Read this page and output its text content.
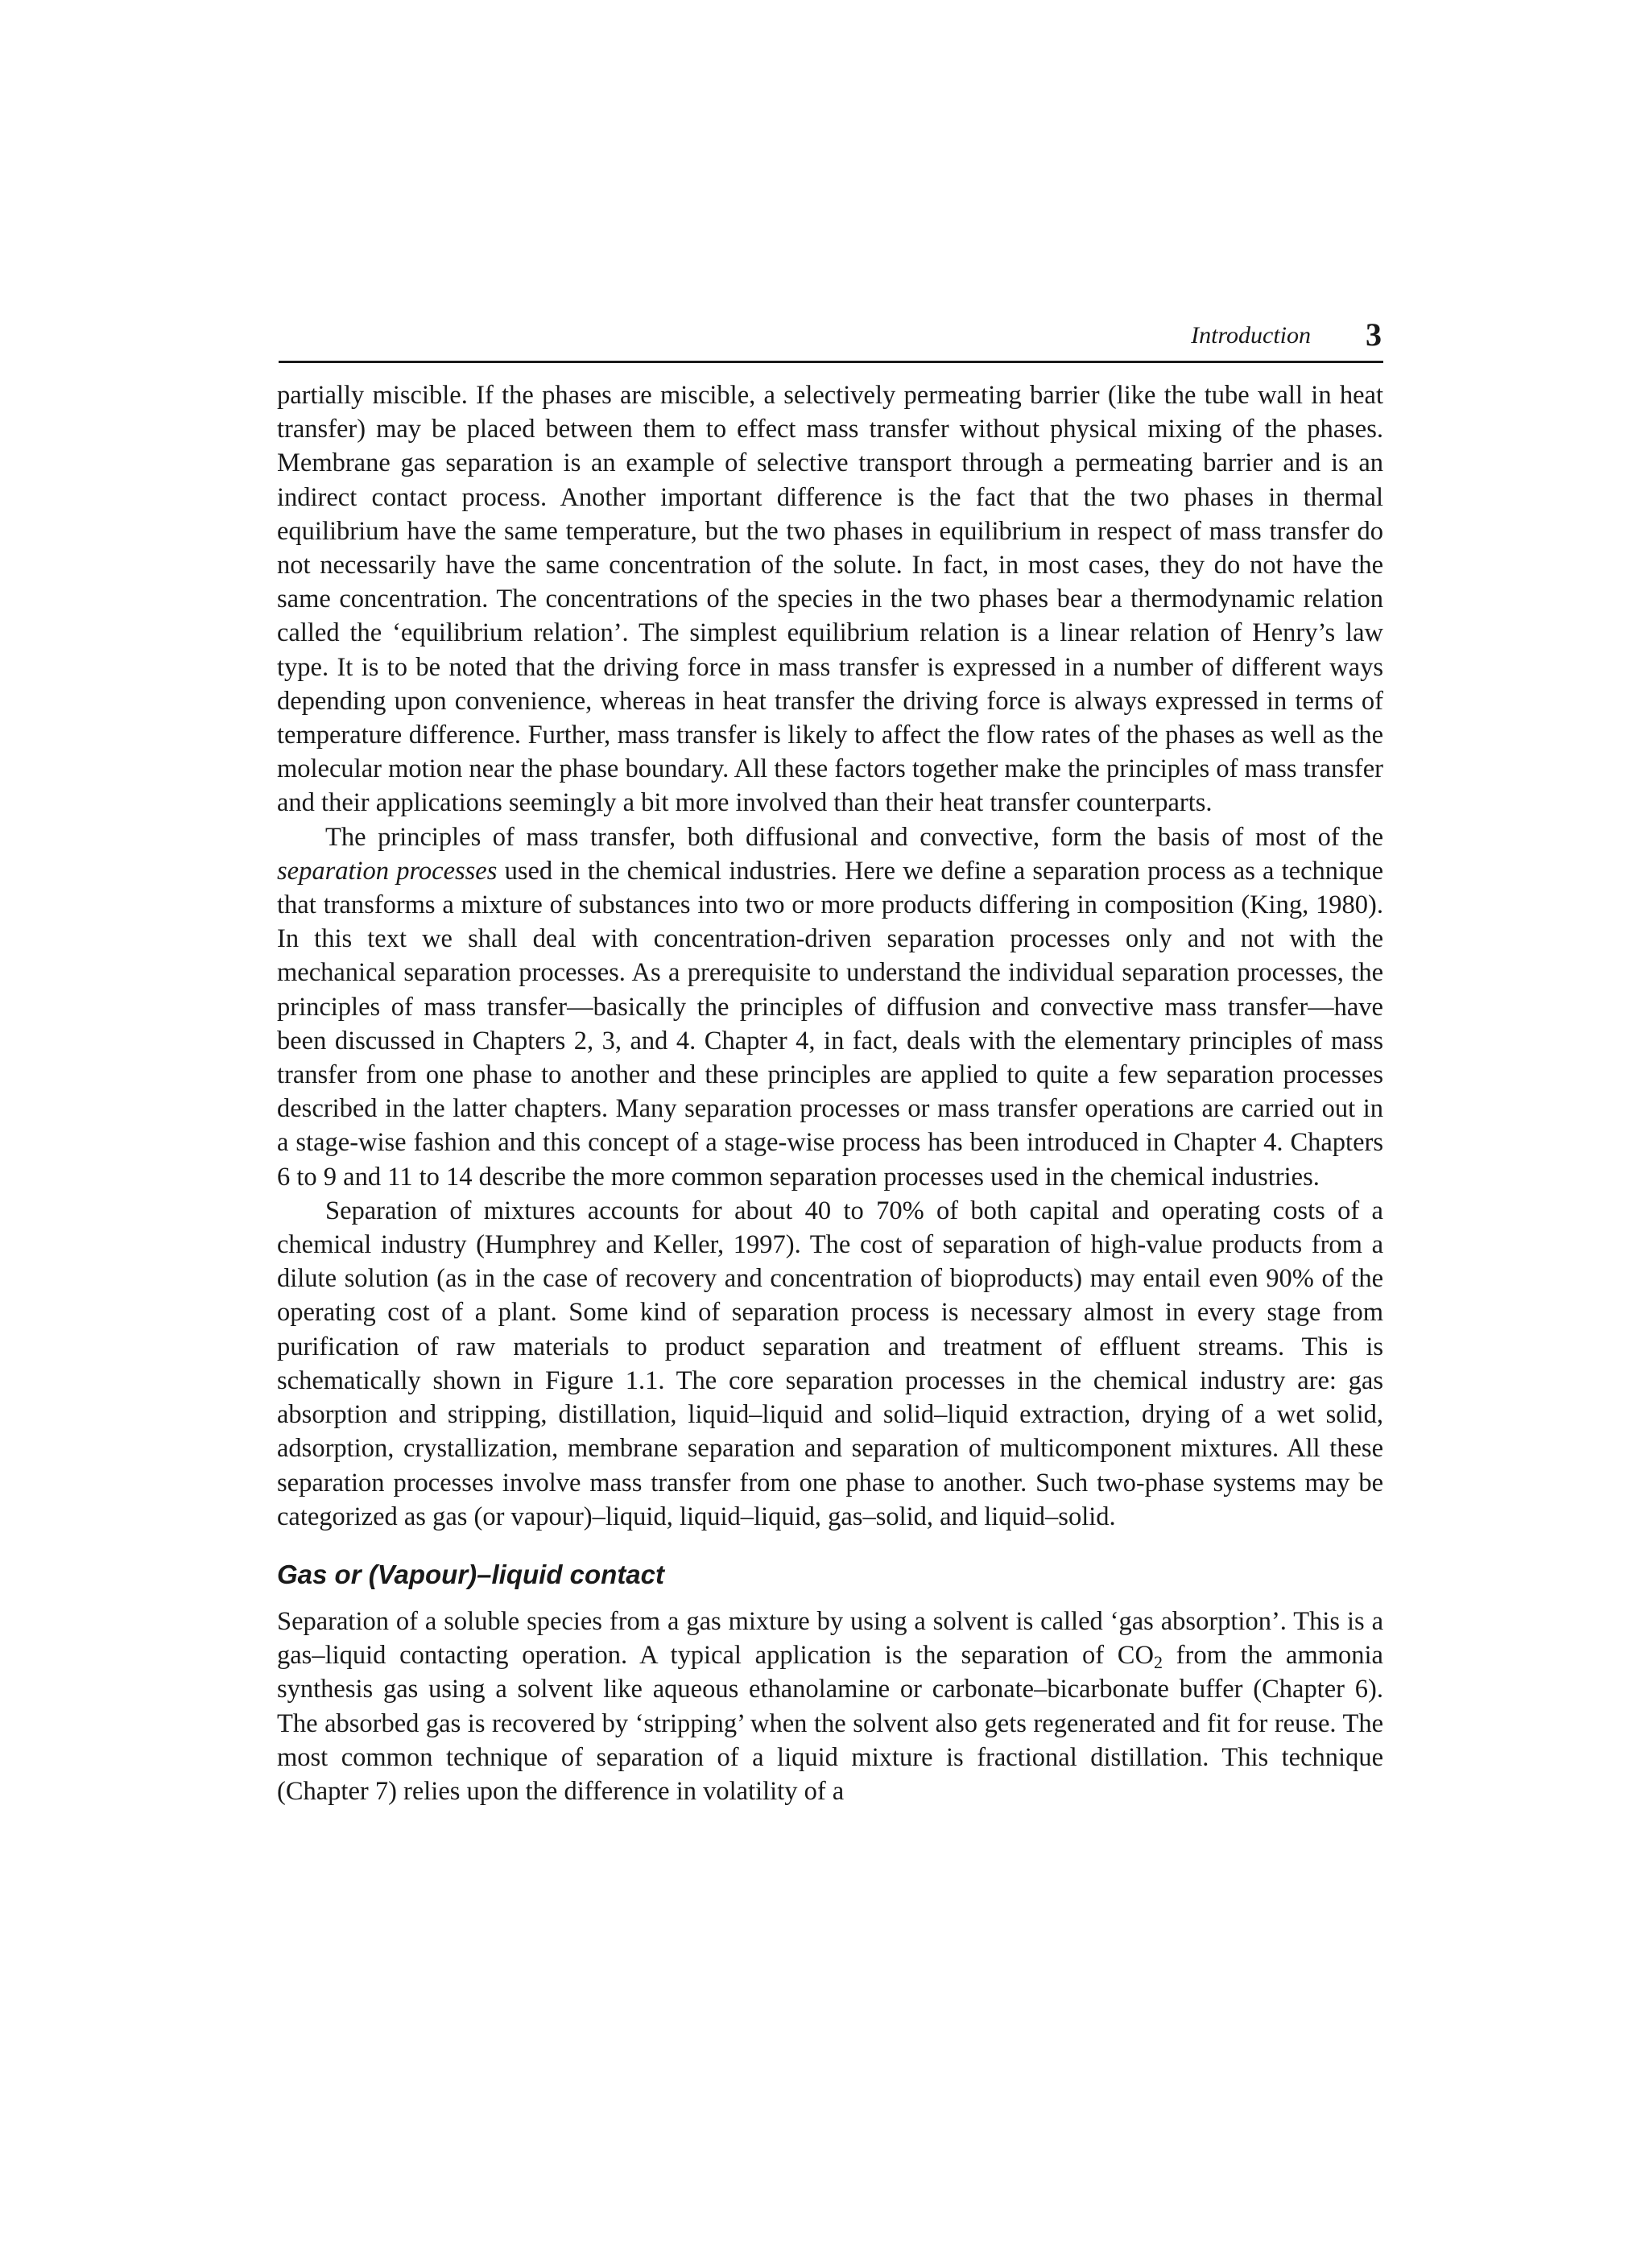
Introduction 3

partially miscible. If the phases are miscible, a selectively permeating barrier (like the tube wall in heat transfer) may be placed between them to effect mass transfer without physical mixing of the phases. Membrane gas separation is an example of selective transport through a permeating barrier and is an indirect contact process. Another important difference is the fact that the two phases in thermal equilibrium have the same temperature, but the two phases in equilibrium in respect of mass transfer do not necessarily have the same concentration of the solute. In fact, in most cases, they do not have the same concentration. The concentrations of the species in the two phases bear a thermodynamic relation called the ‘equilibrium relation’. The simplest equilibrium relation is a linear relation of Henry’s law type. It is to be noted that the driving force in mass transfer is expressed in a number of different ways depending upon convenience, whereas in heat transfer the driving force is always expressed in terms of temperature difference. Further, mass transfer is likely to affect the flow rates of the phases as well as the molecular motion near the phase boundary. All these factors together make the principles of mass transfer and their applications seemingly a bit more involved than their heat transfer counterparts.

The principles of mass transfer, both diffusional and convective, form the basis of most of the separation processes used in the chemical industries. Here we define a separation process as a technique that transforms a mixture of substances into two or more products differing in composition (King, 1980). In this text we shall deal with concentration-driven separation processes only and not with the mechanical separation processes. As a prerequisite to understand the individual separation processes, the principles of mass transfer—basically the principles of diffusion and convective mass transfer—have been discussed in Chapters 2, 3, and 4. Chapter 4, in fact, deals with the elementary principles of mass transfer from one phase to another and these principles are applied to quite a few separation processes described in the latter chapters. Many separation processes or mass transfer operations are carried out in a stage-wise fashion and this concept of a stage-wise process has been introduced in Chapter 4. Chapters 6 to 9 and 11 to 14 describe the more common separation processes used in the chemical industries.

Separation of mixtures accounts for about 40 to 70% of both capital and operating costs of a chemical industry (Humphrey and Keller, 1997). The cost of separation of high-value products from a dilute solution (as in the case of recovery and concentration of bioproducts) may entail even 90% of the operating cost of a plant. Some kind of separation process is necessary almost in every stage from purification of raw materials to product separation and treatment of effluent streams. This is schematically shown in Figure 1.1. The core separation processes in the chemical industry are: gas absorption and stripping, distillation, liquid–liquid and solid–liquid extraction, drying of a wet solid, adsorption, crystallization, membrane separation and separation of multicomponent mixtures. All these separation processes involve mass transfer from one phase to another. Such two-phase systems may be categorized as gas (or vapour)–liquid, liquid–liquid, gas–solid, and liquid–solid.

Gas or (Vapour)–liquid contact

Separation of a soluble species from a gas mixture by using a solvent is called ‘gas absorption’. This is a gas–liquid contacting operation. A typical application is the separation of $CO_2$ from the ammonia synthesis gas using a solvent like aqueous ethanolamine or carbonate–bicarbonate buffer (Chapter 6). The absorbed gas is recovered by ‘stripping’ when the solvent also gets regenerated and fit for reuse. The most common technique of separation of a liquid mixture is fractional distillation. This technique (Chapter 7) relies upon the difference in volatility of a
